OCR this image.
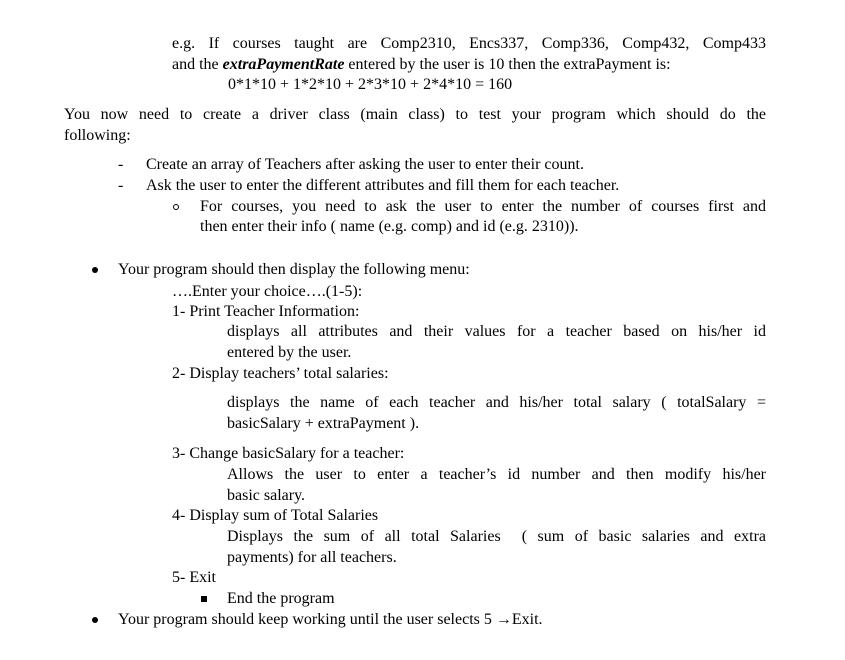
e.g. If courses taught are Comp2310, Encs337, Comp336, Comp432, Comp433
and the extraPaymentRate entered by the user is 10 then the extraPayment is:
0*1*10 + 1*2*10 + 2*3*10 + 2*4*10 = 160
You now need to create a driver class (main class) to test your program which should do the
following:
- Create an array of Teachers after asking the user to enter their count.
- Ask the user to enter the different attributes and fill them for each teacher.
For courses, you need to ask the user to enter the number of courses first and
then enter their info ( name (e.g. comp) and id (e.g. 2310)).
Your program should then display the following menu:
….Enter your choice….(1-5):
1- Print Teacher Information:
displays all attributes and their values for a teacher based on his/her id
entered by the user.
2- Display teachers’ total salaries:
displays the name of each teacher and his/her total salary ( totalSalary =
basicSalary + extraPayment ).
3- Change basicSalary for a teacher:
Allows the user to enter a teacher’s id number and then modify his/her
basic salary.
4- Display sum of Total Salaries
Displays the sum of all total Salaries  ( sum of basic salaries and extra
payments) for all teachers.
5- Exit
End the program
Your program should keep working until the user selects 5 →Exit.
